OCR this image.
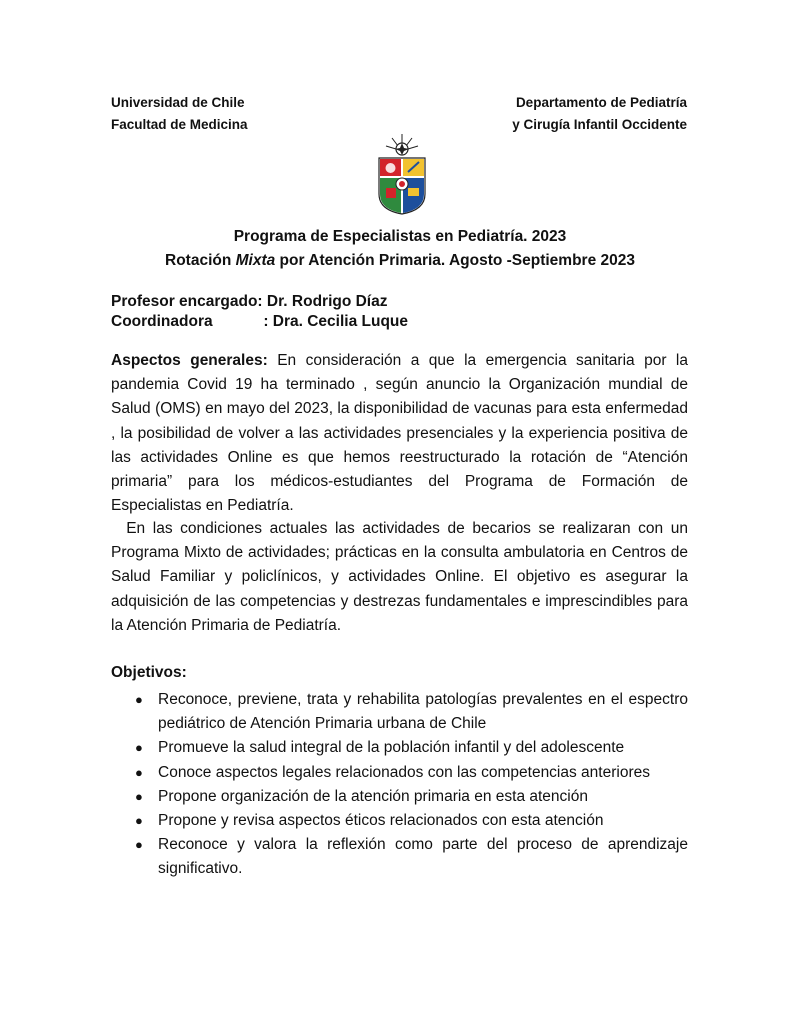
Universidad de Chile
Facultad de Medicina
Departamento de Pediatría
y Cirugía Infantil Occidente
Programa de Especialistas en Pediatría. 2023
Rotación Mixta por Atención Primaria. Agosto -Septiembre 2023
Profesor encargado: Dr. Rodrigo Díaz
Coordinadora	: Dra. Cecilia Luque
Aspectos generales: En consideración a que la emergencia sanitaria por la pandemia Covid 19 ha terminado , según anuncio la Organización mundial de Salud (OMS) en mayo del 2023, la disponibilidad de vacunas para esta enfermedad , la posibilidad de volver a las actividades presenciales y la experiencia positiva de las actividades Online es que hemos reestructurado la rotación de “Atención primaria” para los médicos-estudiantes del Programa de Formación de Especialistas en Pediatría.
En las condiciones actuales las actividades de becarios se realizaran con un Programa Mixto de actividades; prácticas en la consulta ambulatoria en Centros de Salud Familiar y policlínicos, y actividades Online. El objetivo es asegurar la adquisición de las competencias y destrezas fundamentales e imprescindibles para la Atención Primaria de Pediatría.
Objetivos:
● Reconoce, previene, trata y rehabilita patologías prevalentes en el espectro pediátrico de Atención Primaria urbana de Chile
● Promueve la salud integral de la población infantil y del adolescente
● Conoce aspectos legales relacionados con las competencias anteriores
● Propone organización de la atención primaria en esta atención
● Propone y revisa aspectos éticos relacionados con esta atención
● Reconoce y valora la reflexión como parte del proceso de aprendizaje significativo.
